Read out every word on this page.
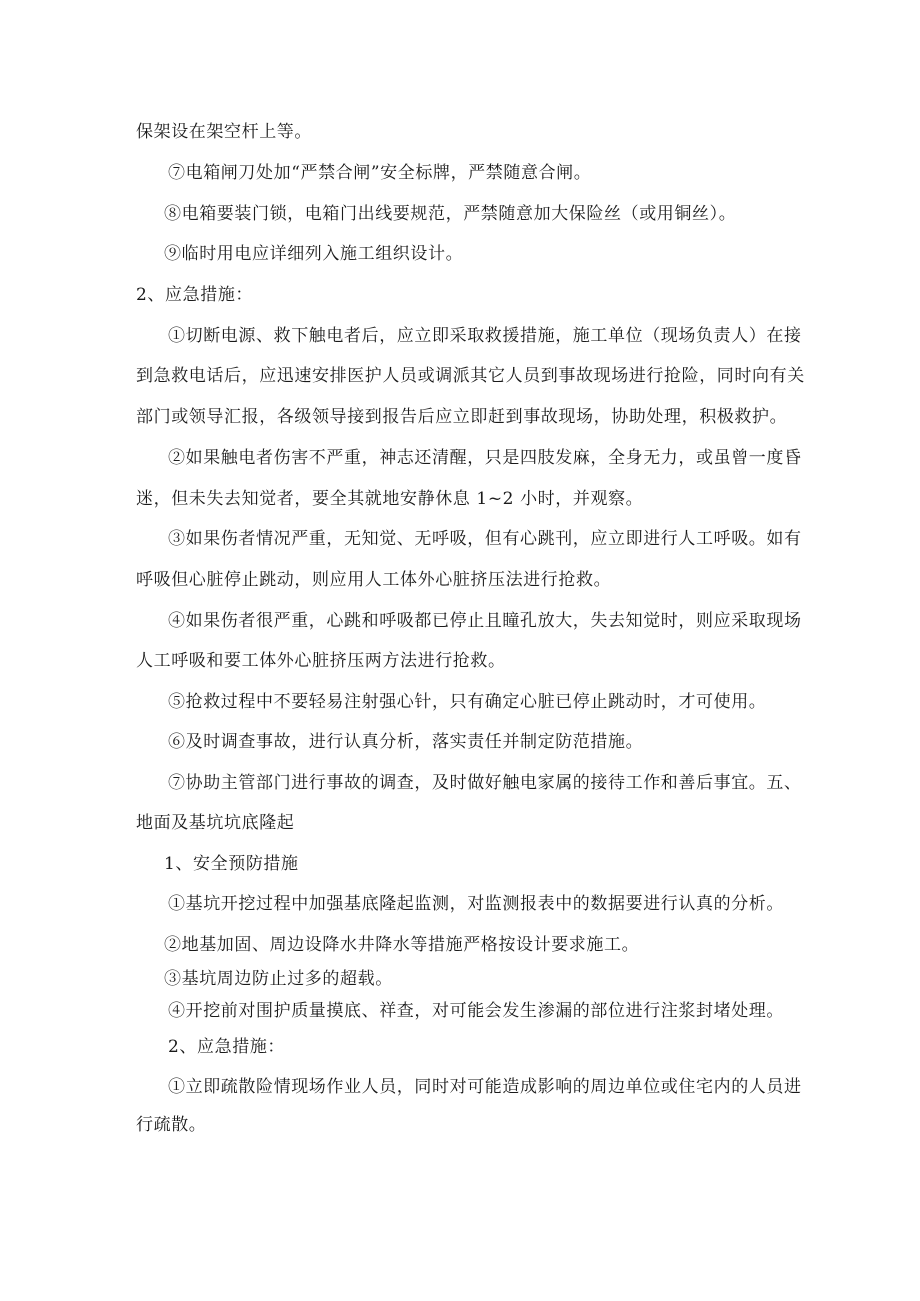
保架设在架空杆上等。
⑦电箱闸刀处加“严禁合闸”安全标牌，严禁随意合闸。
⑧电箱要装门锁，电箱门出线要规范，严禁随意加大保险丝（或用铜丝）。
⑨临时用电应详细列入施工组织设计。
2、应急措施：
①切断电源、救下触电者后，应立即采取救援措施，施工单位（现场负责人）在接
到急救电话后，应迅速安排医护人员或调派其它人员到事故现场进行抢险，同时向有关
部门或领导汇报，各级领导接到报告后应立即赶到事故现场，协助处理，积极救护。
②如果触电者伤害不严重，神志还清醒，只是四肢发麻，全身无力，或虽曾一度昏
迷，但未失去知觉者，要全其就地安静休息 1~2 小时，并观察。
③如果伤者情况严重，无知觉、无呼吸，但有心跳刊，应立即进行人工呼吸。如有
呼吸但心脏停止跳动，则应用人工体外心脏挤压法进行抢救。
④如果伤者很严重，心跳和呼吸都已停止且瞳孔放大，失去知觉时，则应采取现场
人工呼吸和要工体外心脏挤压两方法进行抢救。
⑤抢救过程中不要轻易注射强心针，只有确定心脏已停止跳动时，才可使用。
⑥及时调查事故，进行认真分析，落实责任并制定防范措施。
⑦协助主管部门进行事故的调查，及时做好触电家属的接待工作和善后事宜。五、
地面及基坑坑底隆起
1、安全预防措施
①基坑开挖过程中加强基底隆起监测，对监测报表中的数据要进行认真的分析。
②地基加固、周边设降水井降水等措施严格按设计要求施工。
③基坑周边防止过多的超载。
④开挖前对围护质量摸底、祥查，对可能会发生渗漏的部位进行注浆封堵处理。
2、应急措施：
①立即疏散险情现场作业人员，同时对可能造成影响的周边单位或住宅内的人员进
行疏散。
